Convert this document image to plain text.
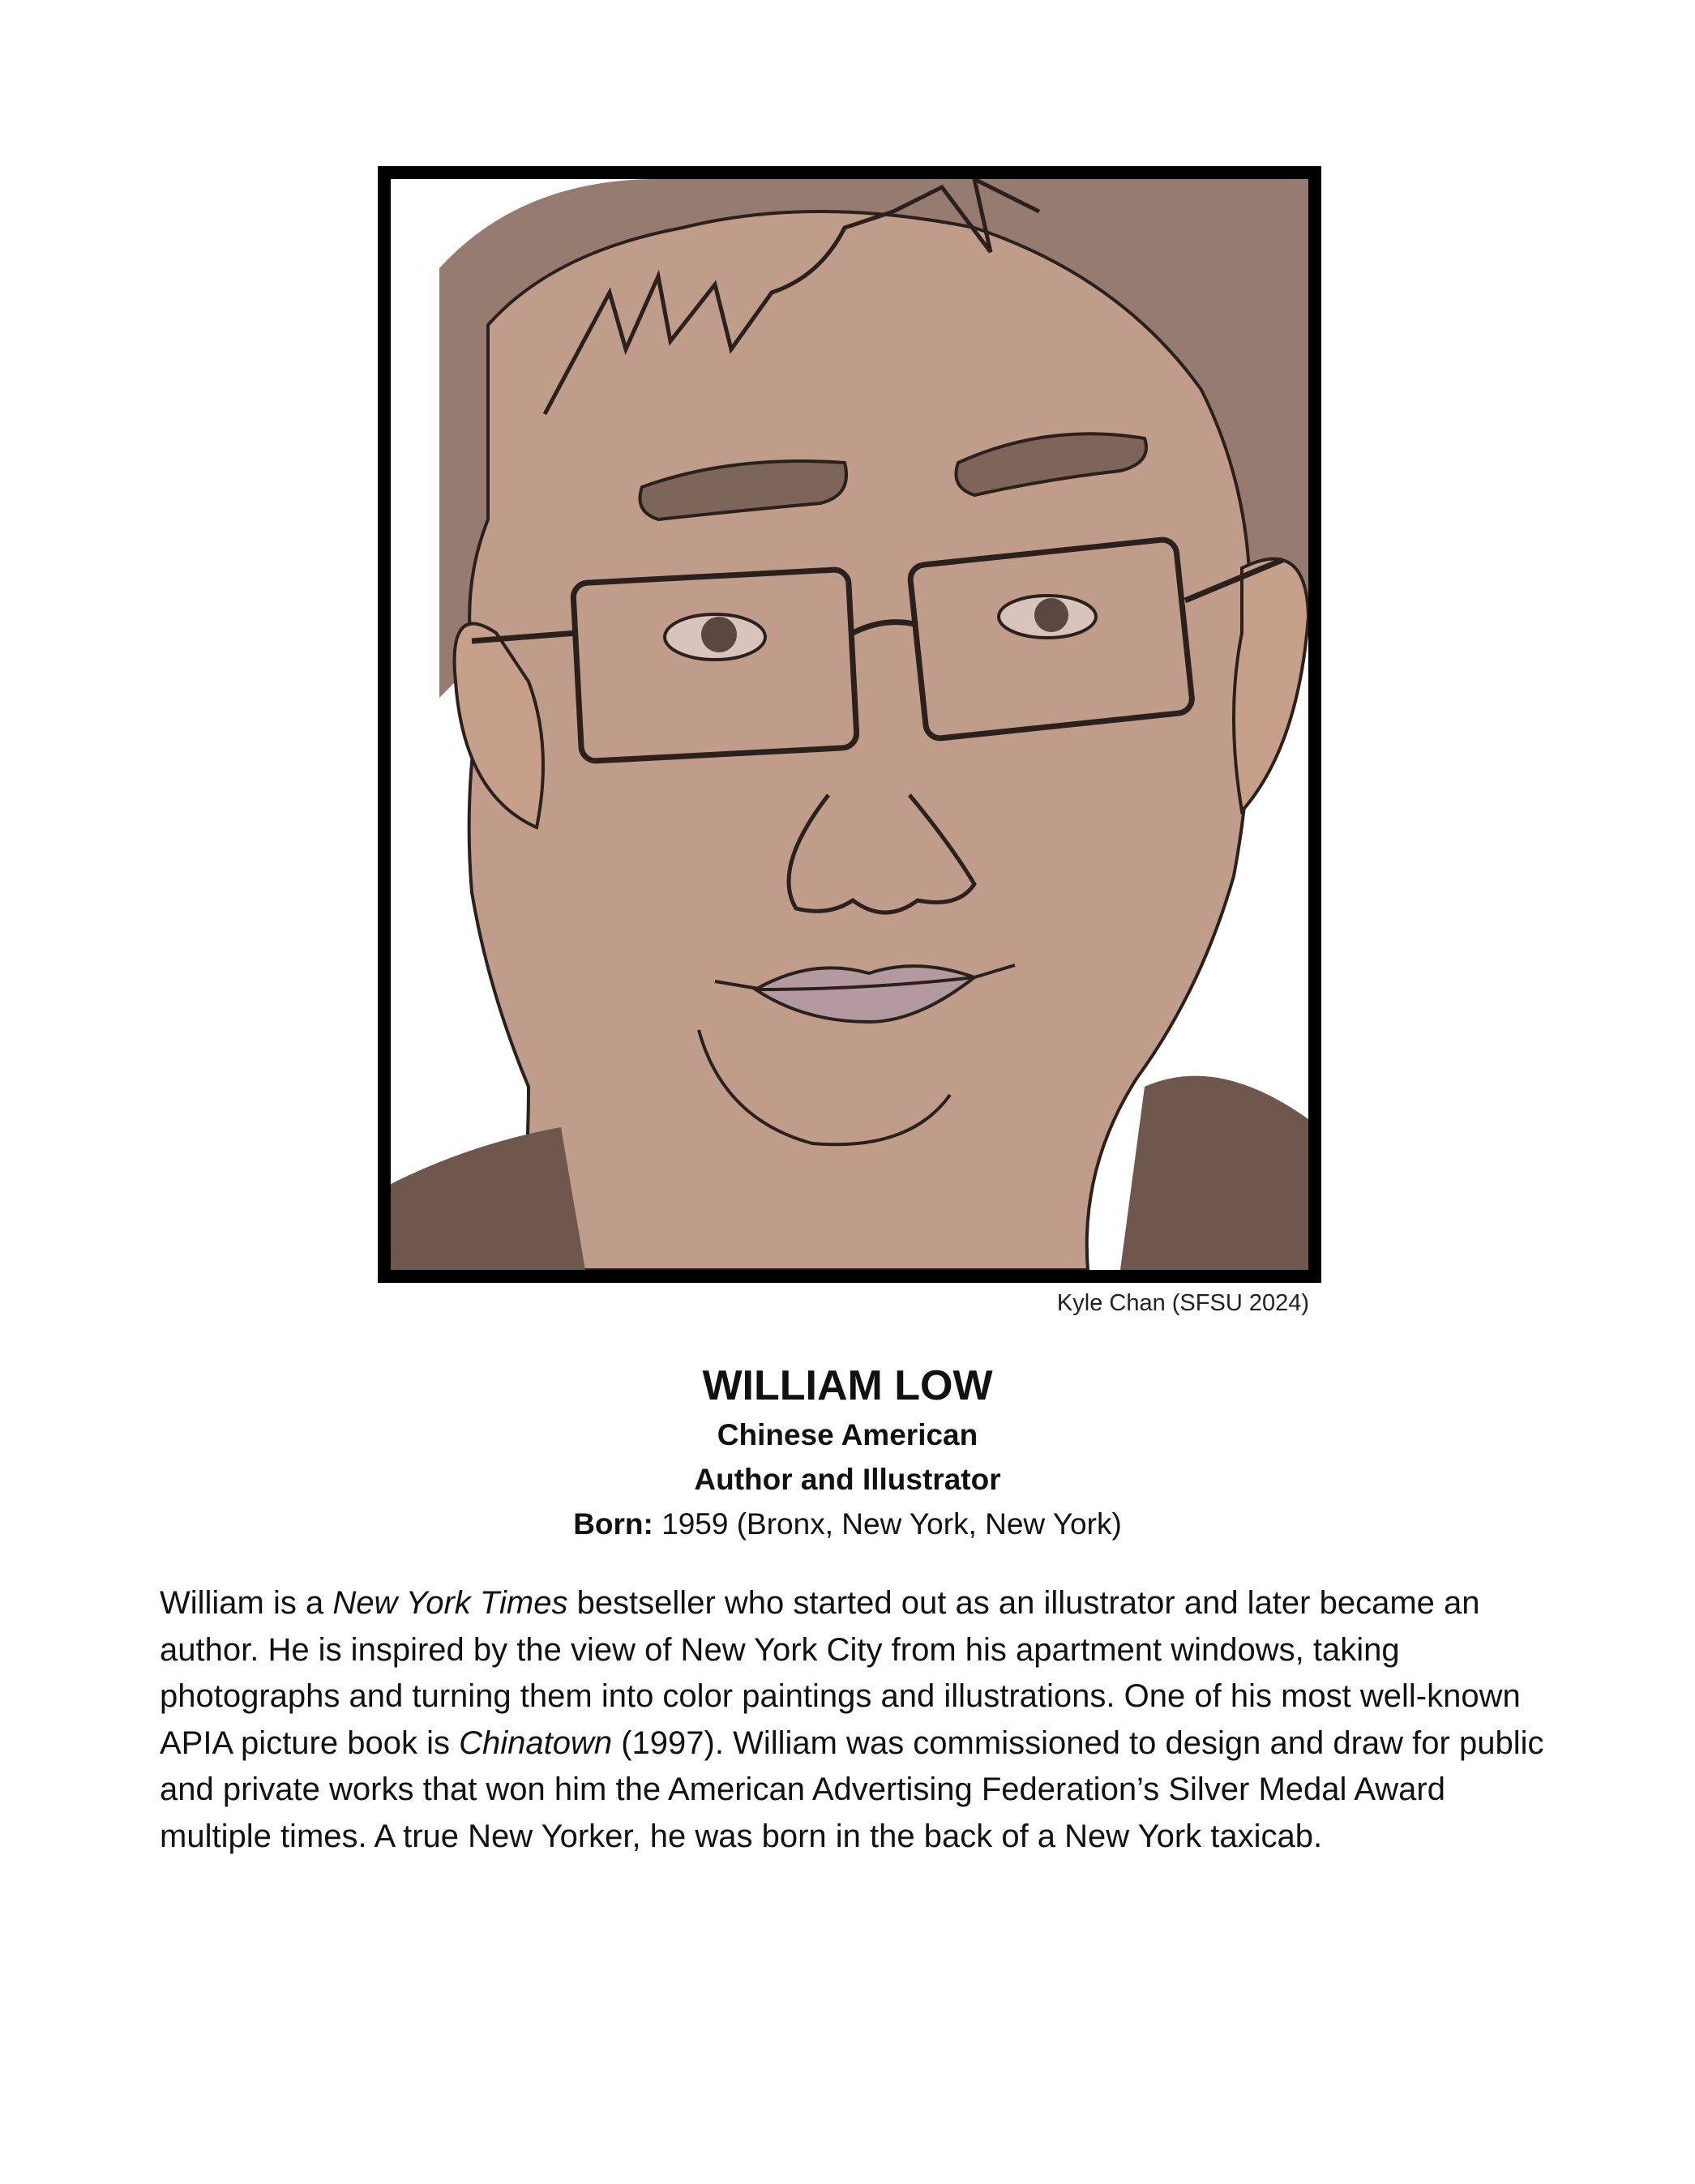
Kyle Chan (SFSU 2024)
WILLIAM LOW
Chinese American
Author and Illustrator
Born: 1959 (Bronx, New York, New York)

William is a New York Times bestseller who started out as an illustrator and later became an author. He is inspired by the view of New York City from his apartment windows, taking photographs and turning them into color paintings and illustrations. One of his most well-known APIA picture book is Chinatown (1997). William was commissioned to design and draw for public and private works that won him the American Advertising Federation’s Silver Medal Award multiple times. A true New Yorker, he was born in the back of a New York taxicab.
